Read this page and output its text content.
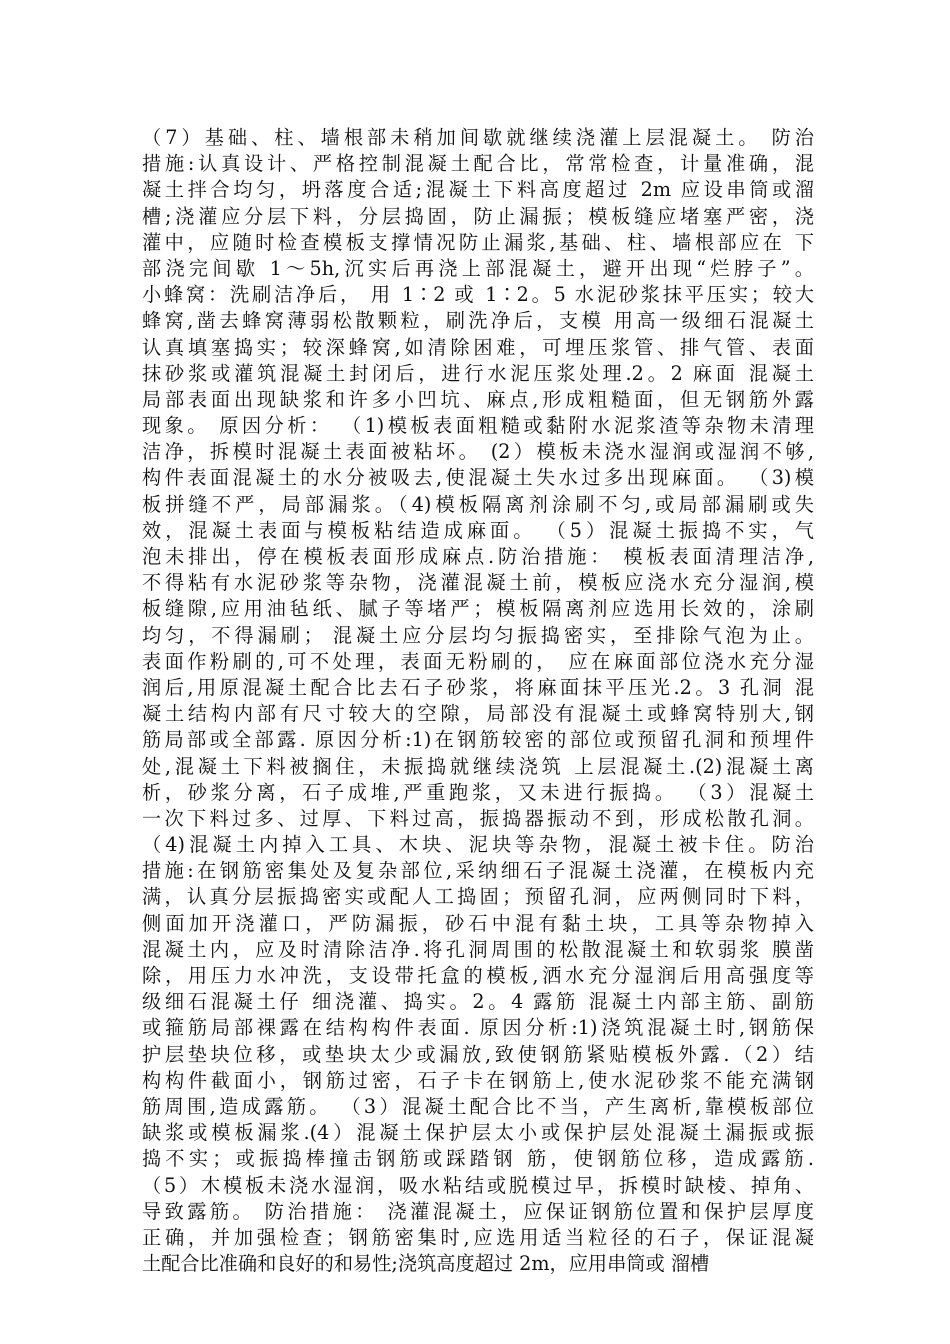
（7）基础、柱、墙根部未稍加间歇就继续浇灌上层混凝土。 防治
措施:认真设计、严格控制混凝土配合比，常常检查，计量准确，混
凝土拌合均匀，坍落度合适;混凝土下料高度超过 2m 应设串筒或溜
槽;浇灌应分层下料，分层捣固，防止漏振；模板缝应堵塞严密，浇
灌中，应随时检查模板支撑情况防止漏浆,基础、柱、墙根部应在 下
部浇完间歇 1～5h,沉实后再浇上部混凝土，避开出现“烂脖子”。
小蜂窝：洗刷洁净后， 用 1∶2 或 1∶2。5 水泥砂浆抹平压实；较大
蜂窝,凿去蜂窝薄弱松散颗粒，刷洗净后，支模 用高一级细石混凝土
认真填塞捣实；较深蜂窝,如清除困难，可埋压浆管、排气管、表面
抹砂浆或灌筑混凝土封闭后，进行水泥压浆处理.2。2 麻面 混凝土
局部表面出现缺浆和许多小凹坑、麻点,形成粗糙面，但无钢筋外露
现象。 原因分析： （1)模板表面粗糙或黏附水泥浆渣等杂物未清理
洁净，拆模时混凝土表面被粘坏。 (2）模板未浇水湿润或湿润不够,
构件表面混凝土的水分被吸去,使混凝土失水过多出现麻面。 （3)模
板拼缝不严，局部漏浆。（4)模板隔离剂涂刷不匀,或局部漏刷或失
效，混凝土表面与模板粘结造成麻面。 （5）混凝土振捣不实，气
泡未排出，停在模板表面形成麻点.防治措施： 模板表面清理洁净,
不得粘有水泥砂浆等杂物，浇灌混凝土前，模板应浇水充分湿润,模
板缝隙,应用油毡纸、腻子等堵严；模板隔离剂应选用长效的，涂刷
均匀，不得漏刷； 混凝土应分层均匀振捣密实，至排除气泡为止。
表面作粉刷的,可不处理，表面无粉刷的， 应在麻面部位浇水充分湿
润后,用原混凝土配合比去石子砂浆，将麻面抹平压光.2。3 孔洞 混
凝土结构内部有尺寸较大的空隙，局部没有混凝土或蜂窝特别大,钢
筋局部或全部露. 原因分析:1)在钢筋较密的部位或预留孔洞和预埋件
处,混凝土下料被搁住，未振捣就继续浇筑 上层混凝土.(2)混凝土离
析，砂浆分离，石子成堆,严重跑浆，又未进行振捣。 （3）混凝土
一次下料过多、过厚、下料过高，振捣器振动不到，形成松散孔洞。
（4)混凝土内掉入工具、木块、泥块等杂物，混凝土被卡住。防治
措施:在钢筋密集处及复杂部位,采纳细石子混凝土浇灌，在模板内充
满，认真分层振捣密实或配人工捣固；预留孔洞，应两侧同时下料，
侧面加开浇灌口，严防漏振，砂石中混有黏土块，工具等杂物掉入
混凝土内，应及时清除洁净.将孔洞周围的松散混凝土和软弱浆 膜凿
除，用压力水冲洗，支设带托盒的模板,洒水充分湿润后用高强度等
级细石混凝土仔 细浇灌、捣实。2。4 露筋 混凝土内部主筋、副筋
或箍筋局部裸露在结构构件表面. 原因分析:1)浇筑混凝土时,钢筋保
护层垫块位移，或垫块太少或漏放,致使钢筋紧贴模板外露.（2）结
构构件截面小，钢筋过密，石子卡在钢筋上,使水泥砂浆不能充满钢
筋周围,造成露筋。 （3）混凝土配合比不当，产生离析,靠模板部位
缺浆或模板漏浆.(4）混凝土保护层太小或保护层处混凝土漏振或振
捣不实；或振捣棒撞击钢筋或踩踏钢 筋，使钢筋位移，造成露筋.
（5）木模板未浇水湿润，吸水粘结或脱模过早，拆模时缺棱、掉角、
导致露筋。 防治措施： 浇灌混凝土，应保证钢筋位置和保护层厚度
正确，并加强检查；钢筋密集时,应选用适当粒径的石子，保证混凝
土配合比准确和良好的和易性;浇筑高度超过 2m，应用串筒或 溜槽
